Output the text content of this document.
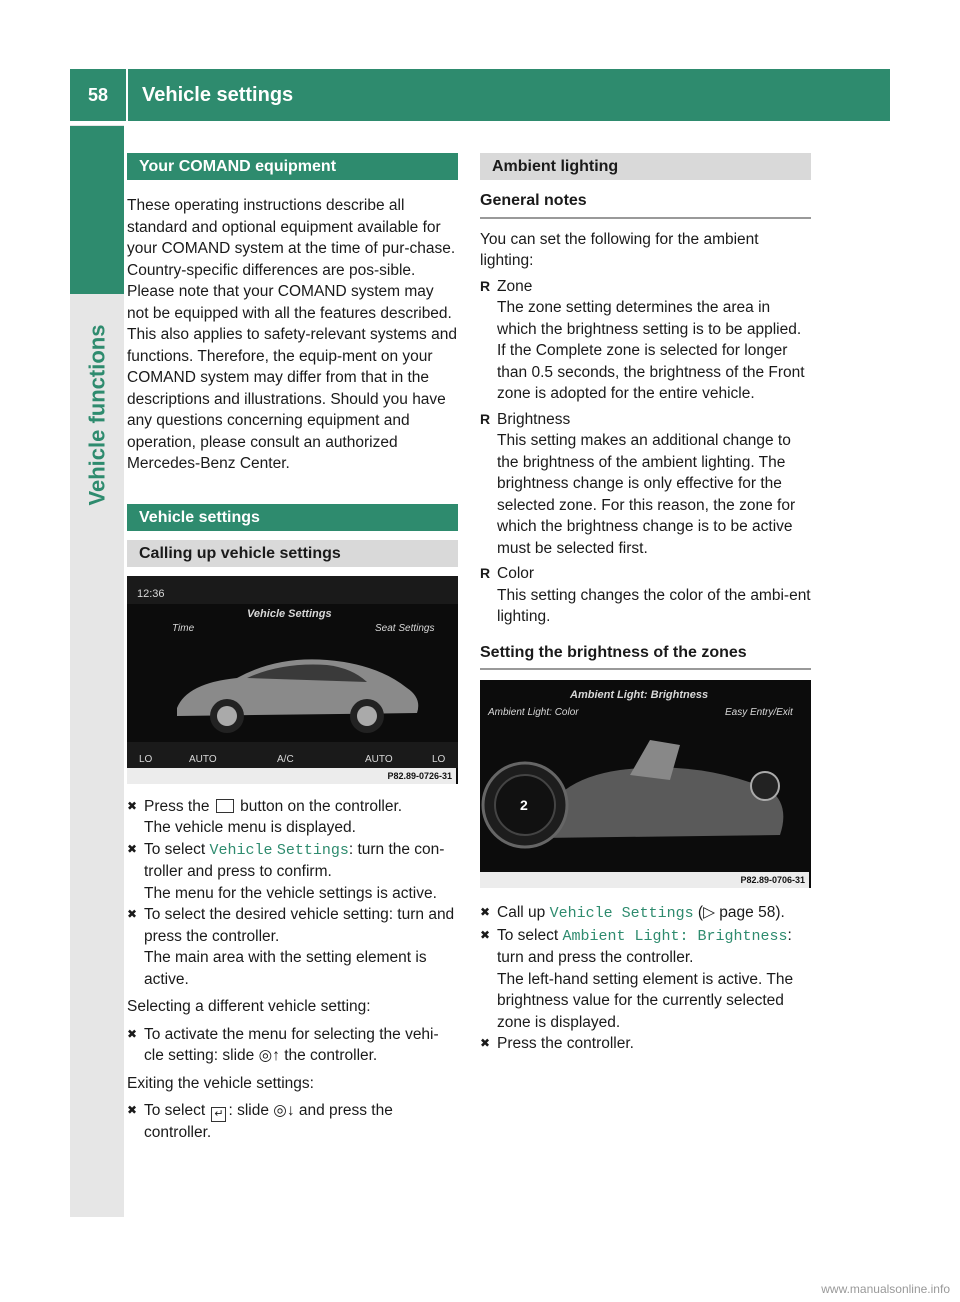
58	Vehicle settings
Vehicle functions
Your COMAND equipment

These operating instructions describe all standard and optional equipment available for your COMAND system at the time of pur-chase. Country-specific differences are pos-sible. Please note that your COMAND system may not be equipped with all the features described. This also applies to safety-relevant systems and functions. Therefore, the equip-ment on your COMAND system may differ from that in the descriptions and illustrations. Should you have any questions concerning equipment and operation, please consult an authorized Mercedes-Benz Center.

Vehicle settings
Calling up vehicle settings
12:36
Vehicle Settings
Time	Seat Settings
LO	AUTO	A/C	AUTO	LO
P82.89-0726-31
✖ Press the button on the controller.
The vehicle menu is displayed.
✖ To select Vehicle Settings: turn the con-troller and press to confirm.
The menu for the vehicle settings is active.
✖ To select the desired vehicle setting: turn and press the controller.
The main area with the setting element is active.

Selecting a different vehicle setting:

✖ To activate the menu for selecting the vehi-cle setting: slide ◎↑ the controller.

Exiting the vehicle settings:

✖ To select ↵ : slide ◎↓ and press the controller.
Ambient lighting
General notes

You can set the following for the ambient lighting:

R Zone
The zone setting determines the area in which the brightness setting is to be applied. If the Complete zone is selected for longer than 0.5 seconds, the brightness of the Front zone is adopted for the entire vehicle.
R Brightness
This setting makes an additional change to the brightness of the ambient lighting. The brightness change is only effective for the selected zone. For this reason, the zone for which the brightness change is to be active must be selected first.
R Color
This setting changes the color of the ambi-ent lighting.
Setting the brightness of the zones
Ambient Light: Brightness
Ambient Light: Color	Easy Entry/Exit
2
P82.89-0706-31
✖ Call up Vehicle Settings (▷ page 58).
✖ To select Ambient Light: Brightness:
turn and press the controller.
The left-hand setting element is active. The brightness value for the currently selected zone is displayed.
✖ Press the controller.
www.manualsonline.info
